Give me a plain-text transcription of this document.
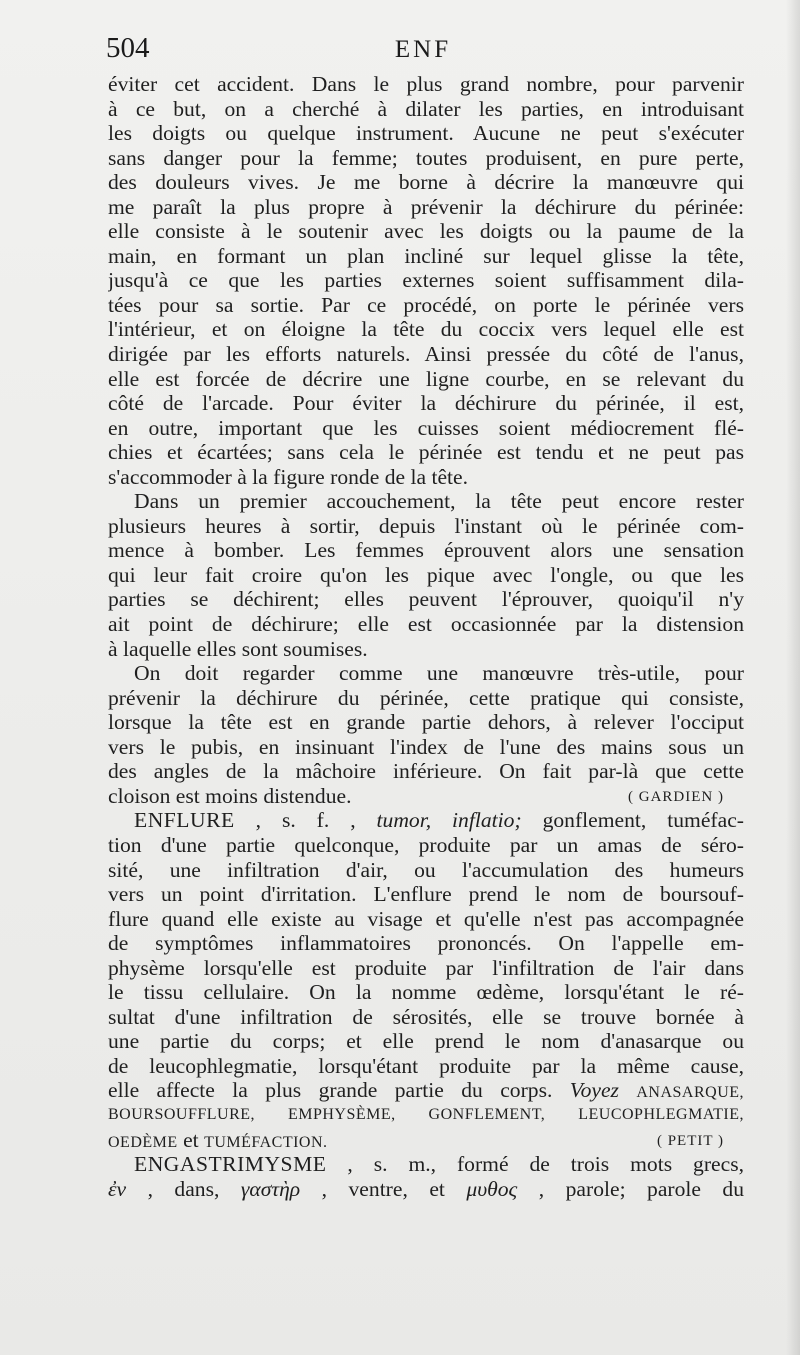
504	ENF
éviter cet accident. Dans le plus grand nombre, pour parvenir
à ce but, on a cherché à dilater les parties, en introduisant
les doigts ou quelque instrument. Aucune ne peut s'exécuter
sans danger pour la femme; toutes produisent, en pure perte,
des douleurs vives. Je me borne à décrire la manœuvre qui
me paraît la plus propre à prévenir la déchirure du périnée:
elle consiste à le soutenir avec les doigts ou la paume de la
main, en formant un plan incliné sur lequel glisse la tête,
jusqu'à ce que les parties externes soient suffisamment dila-
tées pour sa sortie. Par ce procédé, on porte le périnée vers
l'intérieur, et on éloigne la tête du coccix vers lequel elle est
dirigée par les efforts naturels. Ainsi pressée du côté de l'anus,
elle est forcée de décrire une ligne courbe, en se relevant du
côté de l'arcade. Pour éviter la déchirure du périnée, il est,
en outre, important que les cuisses soient médiocrement flé-
chies et écartées; sans cela le périnée est tendu et ne peut pas
s'accommoder à la figure ronde de la tête.
Dans un premier accouchement, la tête peut encore rester
plusieurs heures à sortir, depuis l'instant où le périnée com-
mence à bomber. Les femmes éprouvent alors une sensation
qui leur fait croire qu'on les pique avec l'ongle, ou que les
parties se déchirent; elles peuvent l'éprouver, quoiqu'il n'y
ait point de déchirure; elle est occasionnée par la distension
à laquelle elles sont soumises.
On doit regarder comme une manœuvre très-utile, pour
prévenir la déchirure du périnée, cette pratique qui consiste,
lorsque la tête est en grande partie dehors, à relever l'occiput
vers le pubis, en insinuant l'index de l'une des mains sous un
des angles de la mâchoire inférieure. On fait par-là que cette
cloison est moins distendue.	( GARDIEN )
ENFLURE , s. f. , tumor, inflatio; gonflement, tuméfac-
tion d'une partie quelconque, produite par un amas de séro-
sité, une infiltration d'air, ou l'accumulation des humeurs
vers un point d'irritation. L'enflure prend le nom de boursouf-
flure quand elle existe au visage et qu'elle n'est pas accompagnée
de symptômes inflammatoires prononcés. On l'appelle em-
physème lorsqu'elle est produite par l'infiltration de l'air dans
le tissu cellulaire. On la nomme œdème, lorsqu'étant le ré-
sultat d'une infiltration de sérosités, elle se trouve bornée à
une partie du corps; et elle prend le nom d'anasarque ou
de leucophlegmatie, lorsqu'étant produite par la même cause,
elle affecte la plus grande partie du corps. Voyez ANASARQUE,
BOURSOUFFLURE, EMPHYSÈME, GONFLEMENT, LEUCOPHLEGMATIE,
OEDÈME et TUMÉFACTION.	( PETIT )
ENGASTRIMYSME , s. m., formé de trois mots grecs,
ἐν , dans, γαστὴρ , ventre, et μυθος , parole; parole du
